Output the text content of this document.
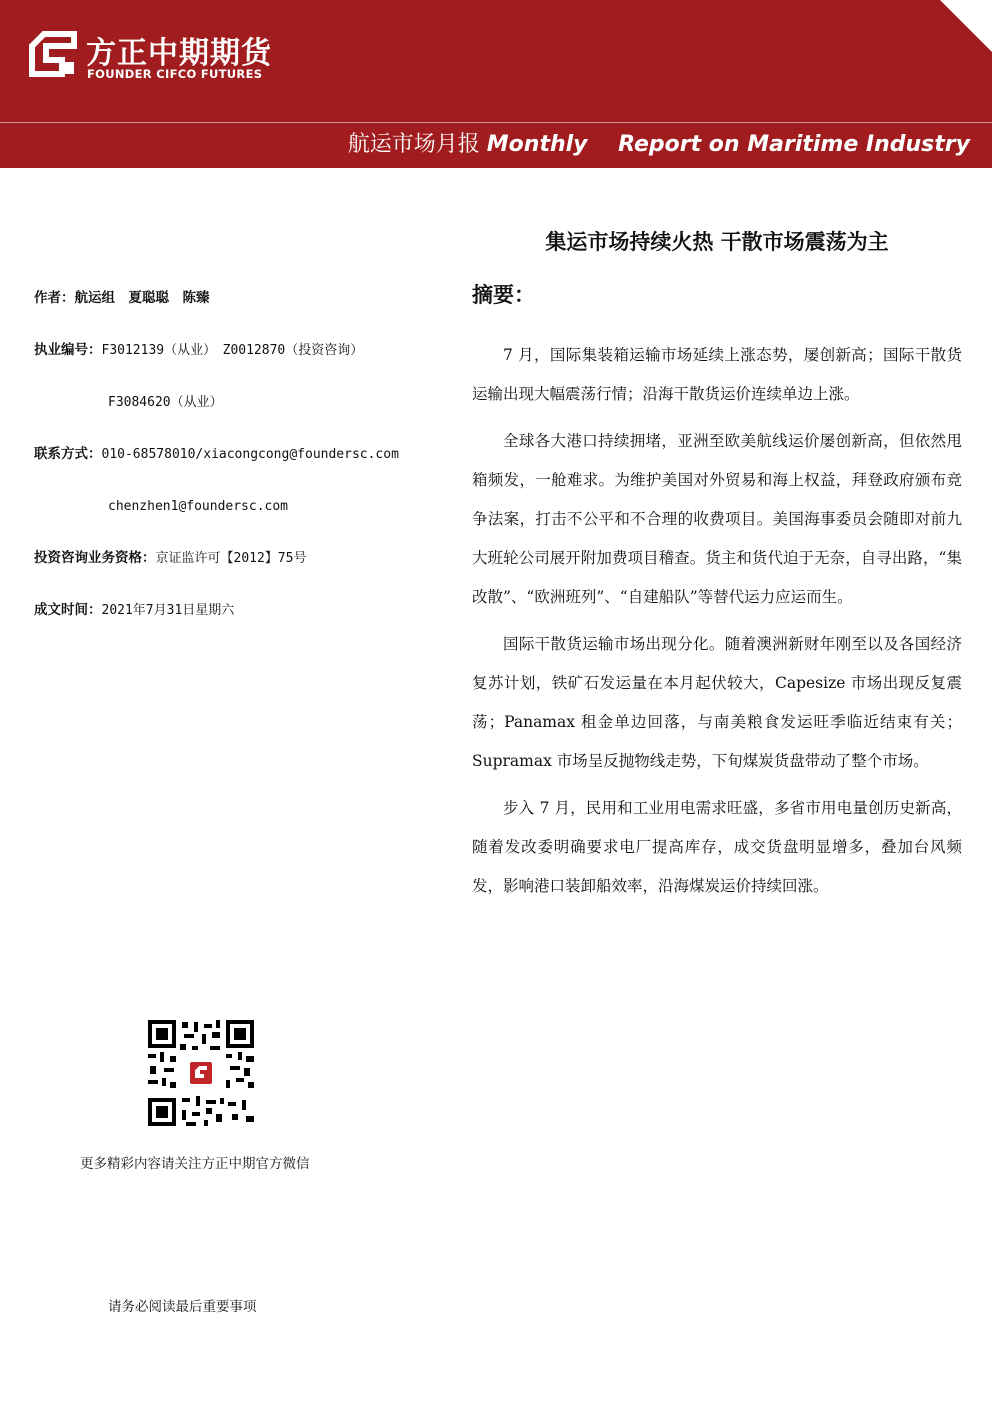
方正中期期货
FOUNDER CIFCO FUTURES
航运市场月报 Monthly    Report on Maritime Industry
集运市场持续火热 干散市场震荡为主
摘要：

7 月，国际集装箱运输市场延续上涨态势，屡创新高；国际干散货运输出现大幅震荡行情；沿海干散货运价连续单边上涨。

全球各大港口持续拥堵，亚洲至欧美航线运价屡创新高，但依然甩箱频发，一舱难求。为维护美国对外贸易和海上权益，拜登政府颁布竞争法案，打击不公平和不合理的收费项目。美国海事委员会随即对前九大班轮公司展开附加费项目稽查。货主和货代迫于无奈，自寻出路，“集改散”、“欧洲班列”、“自建船队”等替代运力应运而生。

国际干散货运输市场出现分化。随着澳洲新财年刚至以及各国经济复苏计划，铁矿石发运量在本月起伏较大，Capesize 市场出现反复震荡；Panamax 租金单边回落，与南美粮食发运旺季临近结束有关；Supramax 市场呈反抛物线走势，下旬煤炭货盘带动了整个市场。

步入 7 月，民用和工业用电需求旺盛，多省市用电量创历史新高，随着发改委明确要求电厂提高库存，成交货盘明显增多，叠加台风频发，影响港口装卸船效率，沿海煤炭运价持续回涨。

作者：航运组　夏聪聪　陈臻
执业编号：F3012139（从业）　Z0012870（投资咨询）
F3084620（从业）
联系方式：010-68578010/xiacongcong@foundersc.com
chenzhen1@foundersc.com
投资咨询业务资格：京证监许可【2012】75号
成文时间：2021年7月31日星期六
更多精彩内容请关注方正中期官方微信
请务必阅读最后重要事项
